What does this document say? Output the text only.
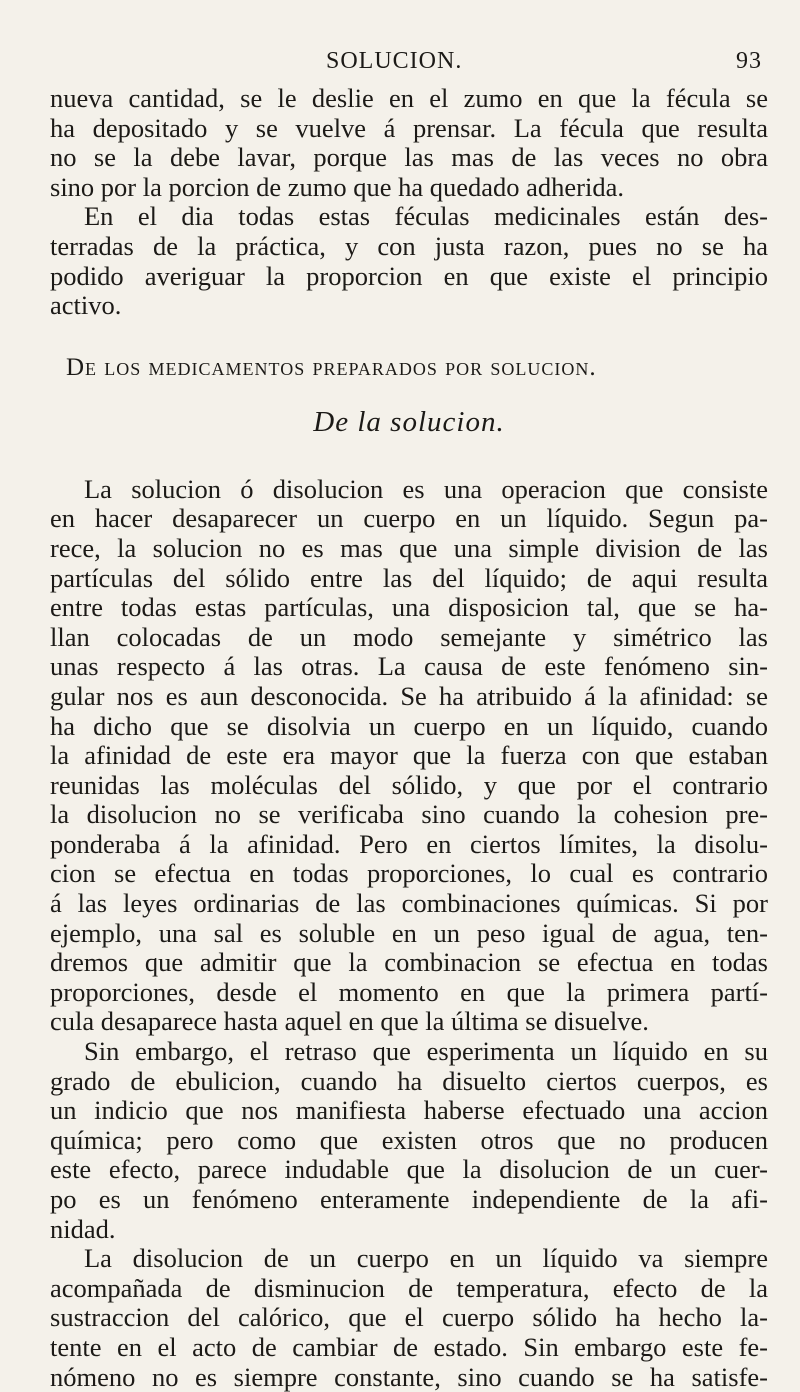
SOLUCION.	93

nueva cantidad, se le deslie en el zumo en que la fécula se
ha depositado y se vuelve á prensar. La fécula que resulta
no se la debe lavar, porque las mas de las veces no obra
sino por la porcion de zumo que ha quedado adherida.

En el dia todas estas féculas medicinales están des-
terradas de la práctica, y con justa razon, pues no se ha
podido averiguar la proporcion en que existe el principio
activo.

De los medicamentos preparados por solucion.
De la solucion.

La solucion ó disolucion es una operacion que consiste
en hacer desaparecer un cuerpo en un líquido. Segun pa-
rece, la solucion no es mas que una simple division de las
partículas del sólido entre las del líquido; de aqui resulta
entre todas estas partículas, una disposicion tal, que se ha-
llan colocadas de un modo semejante y simétrico las
unas respecto á las otras. La causa de este fenómeno sin-
gular nos es aun desconocida. Se ha atribuido á la afinidad: se
ha dicho que se disolvia un cuerpo en un líquido, cuando
la afinidad de este era mayor que la fuerza con que estaban
reunidas las moléculas del sólido, y que por el contrario
la disolucion no se verificaba sino cuando la cohesion pre-
ponderaba á la afinidad. Pero en ciertos límites, la disolu-
cion se efectua en todas proporciones, lo cual es contrario
á las leyes ordinarias de las combinaciones químicas. Si por
ejemplo, una sal es soluble en un peso igual de agua, ten-
dremos que admitir que la combinacion se efectua en todas
proporciones, desde el momento en que la primera partí-
cula desaparece hasta aquel en que la última se disuelve.

Sin embargo, el retraso que esperimenta un líquido en su
grado de ebulicion, cuando ha disuelto ciertos cuerpos, es
un indicio que nos manifiesta haberse efectuado una accion
química; pero como que existen otros que no producen
este efecto, parece indudable que la disolucion de un cuer-
po es un fenómeno enteramente independiente de la afi-
nidad.

La disolucion de un cuerpo en un líquido va siempre
acompañada de disminucion de temperatura, efecto de la
sustraccion del calórico, que el cuerpo sólido ha hecho la-
tente en el acto de cambiar de estado. Sin embargo este fe-
nómeno no es siempre constante, sino cuando se ha satisfe-
